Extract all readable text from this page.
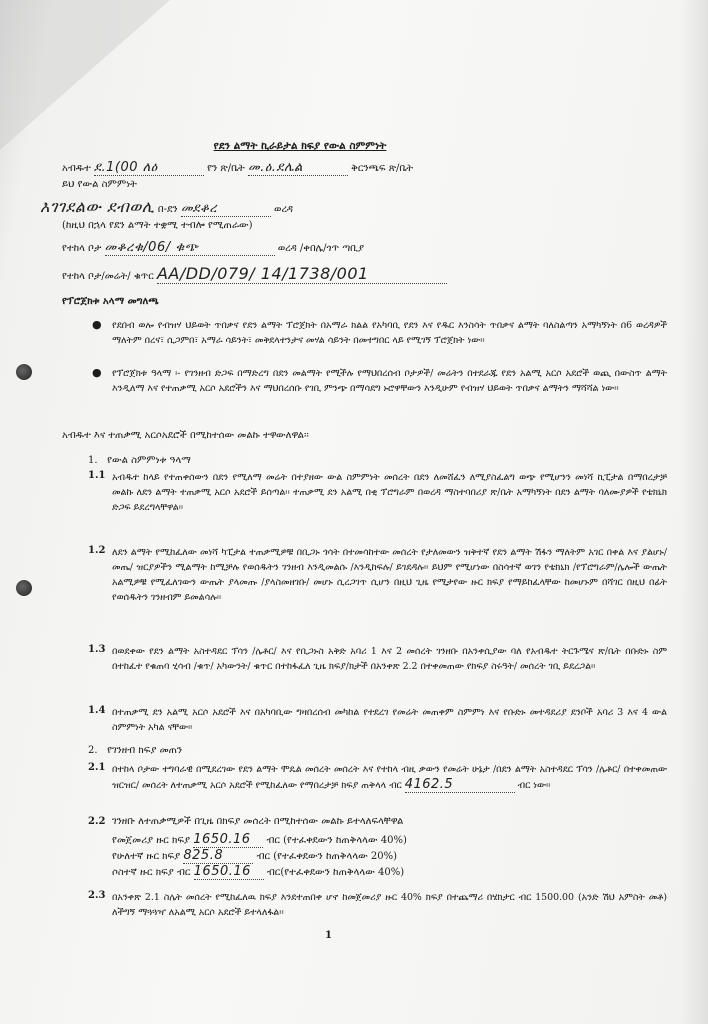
የደን ልማት ኪራይታል ክፍያ የውል ስምምነት
አብዱተ ደ.1(00 ለዕ	የን ጽ/ቤት መ.ዕ.ደሌል	ቅርንጫፍ ጽ/ቤት
ይህ የውል ስምምነት
እገገደልው ደብወሊ በ-ደን መደቆረ	ወረዳ
(ከዚህ በኋላ የደን ልማት ተቋሚ ተብሎ የሚጠራው)
የተከላ ቦታ መቆረቁ/06/ ቁጭ	ወረዳ /ቀበሌ/ጎጥ ጣቢያ
የተከላ ቦታ/መሬት/ ቁጥር AA/DD/079/ 14/1738/001
የፕሮጀክቱ አላማ መግለጫ
● የደበብ ወሎ የብዝሃ ህይወት ጥበቃና የደን ልማት ፕሮጀክት በአማራ ክልል የአካባቢ የደን እና የዱር እንስሳት ጥበቃና ልማት ባለስልጣን አማካኝነት በ6 ወረዳዎች ማለትም በረና፣ ሲጋምበ፣ አማራ ሳይንት፣ መቅደላተንታና መሃል ሳይንት በመተግበር ላይ የሚገኝ ፕሮጀክት ነው፡፡
● የፕሮጀክቱ ዓላማ ፡- የገንዘብ ድጋፍ በማድረግ በደን መልማት የሚችሉ የማህበረሰብ ቦታዎች/ መሬትን በተደራጁ የደን አልሚ አርሶ አደሮች ወጪ በውስጥ ልማት እንዲለማ እና የተጠቃሚ አርሶ አደሮችን እና ማህበረሰቡ የገቢ ምንጭ በማሳደግ ኑሮዋቸውን እንዲሁም የብዝሃ ህይወት ጥበቃና ልማትን ማሻሻል ነው፡፡
አብዱተ እና ተጠቃሚ አርሶአደሮች በሚከተሰው መልኩ ተዋውለዋል፡፡
1. የውል ስምምነቱ ዓላማ
1.1 አብዱተ ከላይ የተጠቀሰውን በደን የሚለማ መሬት በተያዘው ውል ስምምነት መሰረት በደን ለመሸፈን ለሚያስፈልግ ወጭ የሚሆንን መነሻ ኪፒታል በማበረታቻ መልኩ ለደን ልማት ተጠቃሚ አርሶ አደሮች ይሰጣል፡፡ ተጠቃሚ ደን አልሚ በቂ ፕሮግራም በወረዳ ማስተባበሪያ ጽ/ቤት አማካኝነት በደን ልማት ባለሙያዎች የቴክኒክ ድጋፍ ይደረግላቸዋል፡፡
1.2 ለደን ልማት የሚከፈለው መነሻ ካፒታል ተጠቃሚዎቹ በቢጋኑ ጎሳት በተመሳከተው መሰረት የታለመውን ዝቅተኛ የደን ልማት ሽፋን ማለትም አገር በቀል እና ያልሆኑ/መጤ/ ዝርያዎችን ሚልማት ከሚቻሉ የወሰዱትን ገንዘብ እንዲመልሱ /እንዲከፍሉ/ ይገደዳሉ፡፡ ይህም የሚሆነው በስሳተኛ ወገን የቴክኒክ /የፕሮግራም/ሌሎች ውጤት አልሚዎቹ የሚፈለገውን ውጤት ያላመጡ /ያላስመዘገቡ/ መሆኑ ሲረጋገጥ ሲሆን በዚህ ጊዜ የሚታየው ዙር ክፍያ የማይከፈላቸው ከመሆኑም በሻገር በዚህ በፊት የወሰዱትን ገንዘብም ይመልሳሉ፡፡
1.3 በወደቀው የደን ልማት አስተዳደር ፕሳን /ሌቶር/ እና የቢጋኑስ አቅድ አባሪ 1 እና 2 መሰረት ገንዘቡ በአንቀሲያው ባለ የአብዱተ ትርጉሜና ጽ/ቤት በቡድኑ ስም በተከፈተ የቁጠባ ሂሳብ /ቁጥ/ አካውንት/ ቁጥር በተከፋፈለ ጊዜ ክፍያ/ክታች በአንቀጽ 2.2 በተቀመጠው የክፍያ ስሩዓት/ መሰረት ገቢ ይደረጋል፡፡
1.4 በተጠቃሚ ደን አልሚ አርሶ አደሮች እና በአካባቢው ግዛበረሰብ መካከል የተደረገ የመሬት መጠቀም ስምምነ እና የቡድኑ መተዳደሪያ ደንቦች አባሪ 3 እና 4 ውል ስምምነት አካል ናቸው፡፡
2. የገንዘብ ክፍያ መጠን
2.1 በተከላ ቦታው ተግባራዊ በሚደረገው የደን ልማት ሞዴል መሰረት መሰረት እና የተከላ ብዚ ቃውን የመሬት ሁኔታ /በደን ልማት አስተዳደር ፕሳን /ሌቶር/ በተቀመጠው ዝርዝር/ መሰረት ለተጠቃሚ አርሶ አደሮች የሚከፈለው የማበረታቻ ክፍያ ጠቅላላ ብር 4162.5	ብር ነው፡፡
2.2 ገንዘቡ ለተጠቃሚዎች በጊዜ በክፍያ መሰረት በሚከተሰው መልኩ ይተላለፍላቸዋል
የመጀመሪያ ዙር ክፍያ 1650.16 ብር (የተፈቀደውን ከጠቅላላው 40%)
የሁለተኛ ዙር ክፍያ 825.8	ብር (የተፈቀደውን ከጠቅላላው 20%)
ሶስተኛ ዙር ክፍያ ብር 1650.16 ብር(የተፈቀደውን ከጠቅላላው 40%)
2.3 በአንቀጽ 2.1 ስሌት መሰረት የሚከፈለዉ ክፍያ እንደተጠበቀ ሆኖ ከመጀመሪያ ዙር 40% ክፍያ በተጨማሪ በሄክታር ብር 1500.00 (አንድ ሽህ አምስት መቶ) ለችግኝ ማጓጓዣ ለአልሚ አርሶ አደሮች ይተላለፋል፡፡
1
